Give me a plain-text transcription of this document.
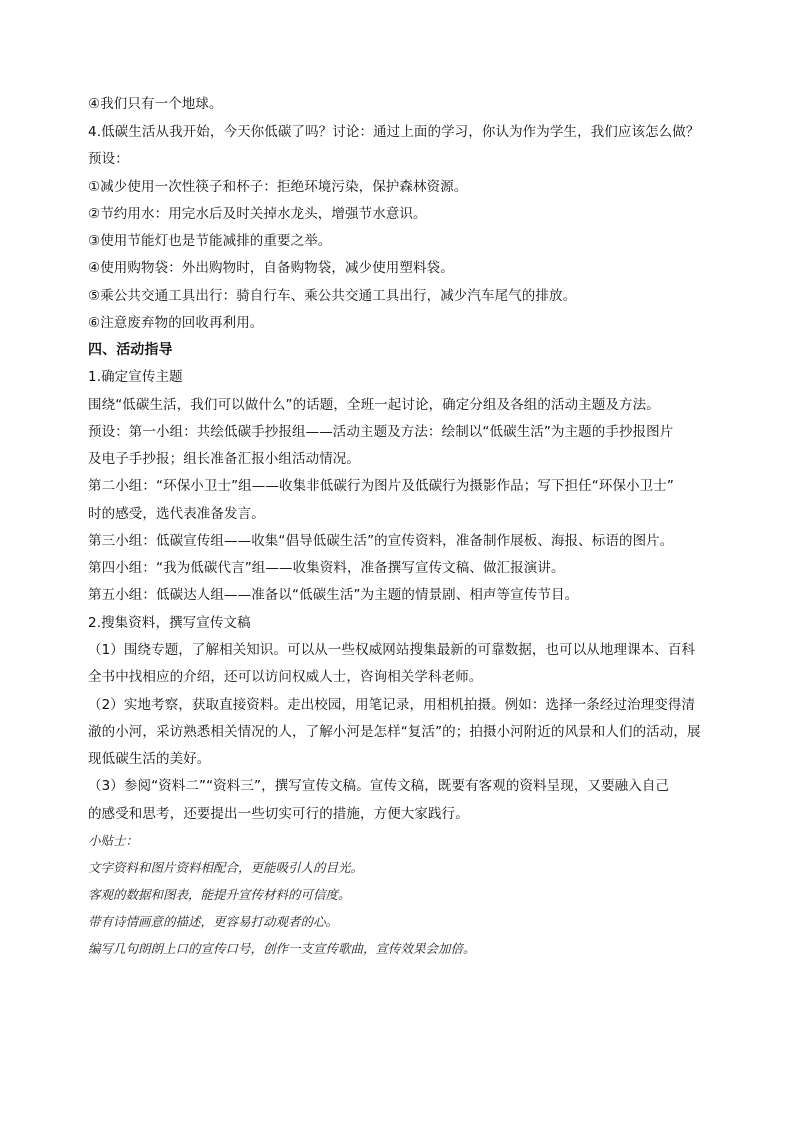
④我们只有一个地球。
4.低碳生活从我开始，今天你低碳了吗？讨论：通过上面的学习，你认为作为学生，我们应该怎么做？
预设：
①减少使用一次性筷子和杯子：拒绝环境污染，保护森林资源。
②节约用水：用完水后及时关掉水龙头，增强节水意识。
③使用节能灯也是节能减排的重要之举。
④使用购物袋：外出购物时，自备购物袋，减少使用塑料袋。
⑤乘公共交通工具出行：骑自行车、乘公共交通工具出行，减少汽车尾气的排放。
⑥注意废弃物的回收再利用。
四、活动指导
1.确定宣传主题
围绕“低碳生活，我们可以做什么”的话题，全班一起讨论，确定分组及各组的活动主题及方法。
预设：第一小组：共绘低碳手抄报组——活动主题及方法：绘制以“低碳生活”为主题的手抄报图片
及电子手抄报；组长准备汇报小组活动情况。
第二小组：“环保小卫士”组——收集非低碳行为图片及低碳行为摄影作品；写下担任“环保小卫士”
时的感受，选代表准备发言。
第三小组：低碳宣传组——收集“倡导低碳生活”的宣传资料，准备制作展板、海报、标语的图片。
第四小组：“我为低碳代言”组——收集资料，准备撰写宣传文稿、做汇报演讲。
第五小组：低碳达人组——准备以“低碳生活”为主题的情景剧、相声等宣传节目。
2.搜集资料，撰写宣传文稿
（1）围绕专题，了解相关知识。可以从一些权威网站搜集最新的可靠数据，也可以从地理课本、百科
全书中找相应的介绍，还可以访问权威人士，咨询相关学科老师。
（2）实地考察，获取直接资料。走出校园，用笔记录，用相机拍摄。例如：选择一条经过治理变得清
澈的小河，采访熟悉相关情况的人，了解小河是怎样“复活”的；拍摄小河附近的风景和人们的活动，展
现低碳生活的美好。
（3）参阅“资料二”“资料三”，撰写宣传文稿。宣传文稿，既要有客观的资料呈现，又要融入自己
的感受和思考，还要提出一些切实可行的措施，方便大家践行。
小贴士：
文字资料和图片资料相配合，更能吸引人的目光。
客观的数据和图表，能提升宣传材料的可信度。
带有诗情画意的描述，更容易打动观者的心。
编写几句朗朗上口的宣传口号，创作一支宣传歌曲，宣传效果会加倍。
